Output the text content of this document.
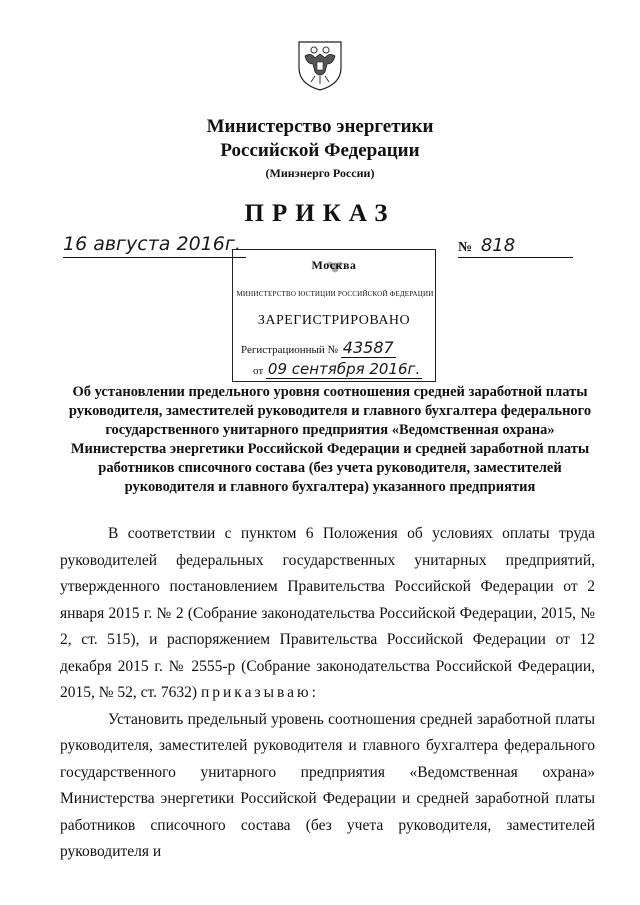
Министерство энергетики
Российской Федерации
(Минэнерго России)
ПРИКАЗ
16 августа 2016г.	№ 818
Москва
МИНИСТЕРСТВО ЮСТИЦИИ РОССИЙСКОЙ ФЕДЕРАЦИИ
ЗАРЕГИСТРИРОВАНО
Регистрационный № 43587
от 09 сентября 2016г.
Об установлении предельного уровня соотношения средней заработной платы руководителя, заместителей руководителя и главного бухгалтера федерального государственного унитарного предприятия «Ведомственная охрана» Министерства энергетики Российской Федерации и средней заработной платы работников списочного состава (без учета руководителя, заместителей руководителя и главного бухгалтера) указанного предприятия

В соответствии с пунктом 6 Положения об условиях оплаты труда руководителей федеральных государственных унитарных предприятий, утвержденного постановлением Правительства Российской Федерации от 2 января 2015 г. № 2 (Собрание законодательства Российской Федерации, 2015, № 2, ст. 515), и распоряжением Правительства Российской Федерации от 12 декабря 2015 г. № 2555-р (Собрание законодательства Российской Федерации, 2015, № 52, ст. 7632) приказываю:

Установить предельный уровень соотношения средней заработной платы руководителя, заместителей руководителя и главного бухгалтера федерального государственного унитарного предприятия «Ведомственная охрана» Министерства энергетики Российской Федерации и средней заработной платы работников списочного состава (без учета руководителя, заместителей руководителя и
